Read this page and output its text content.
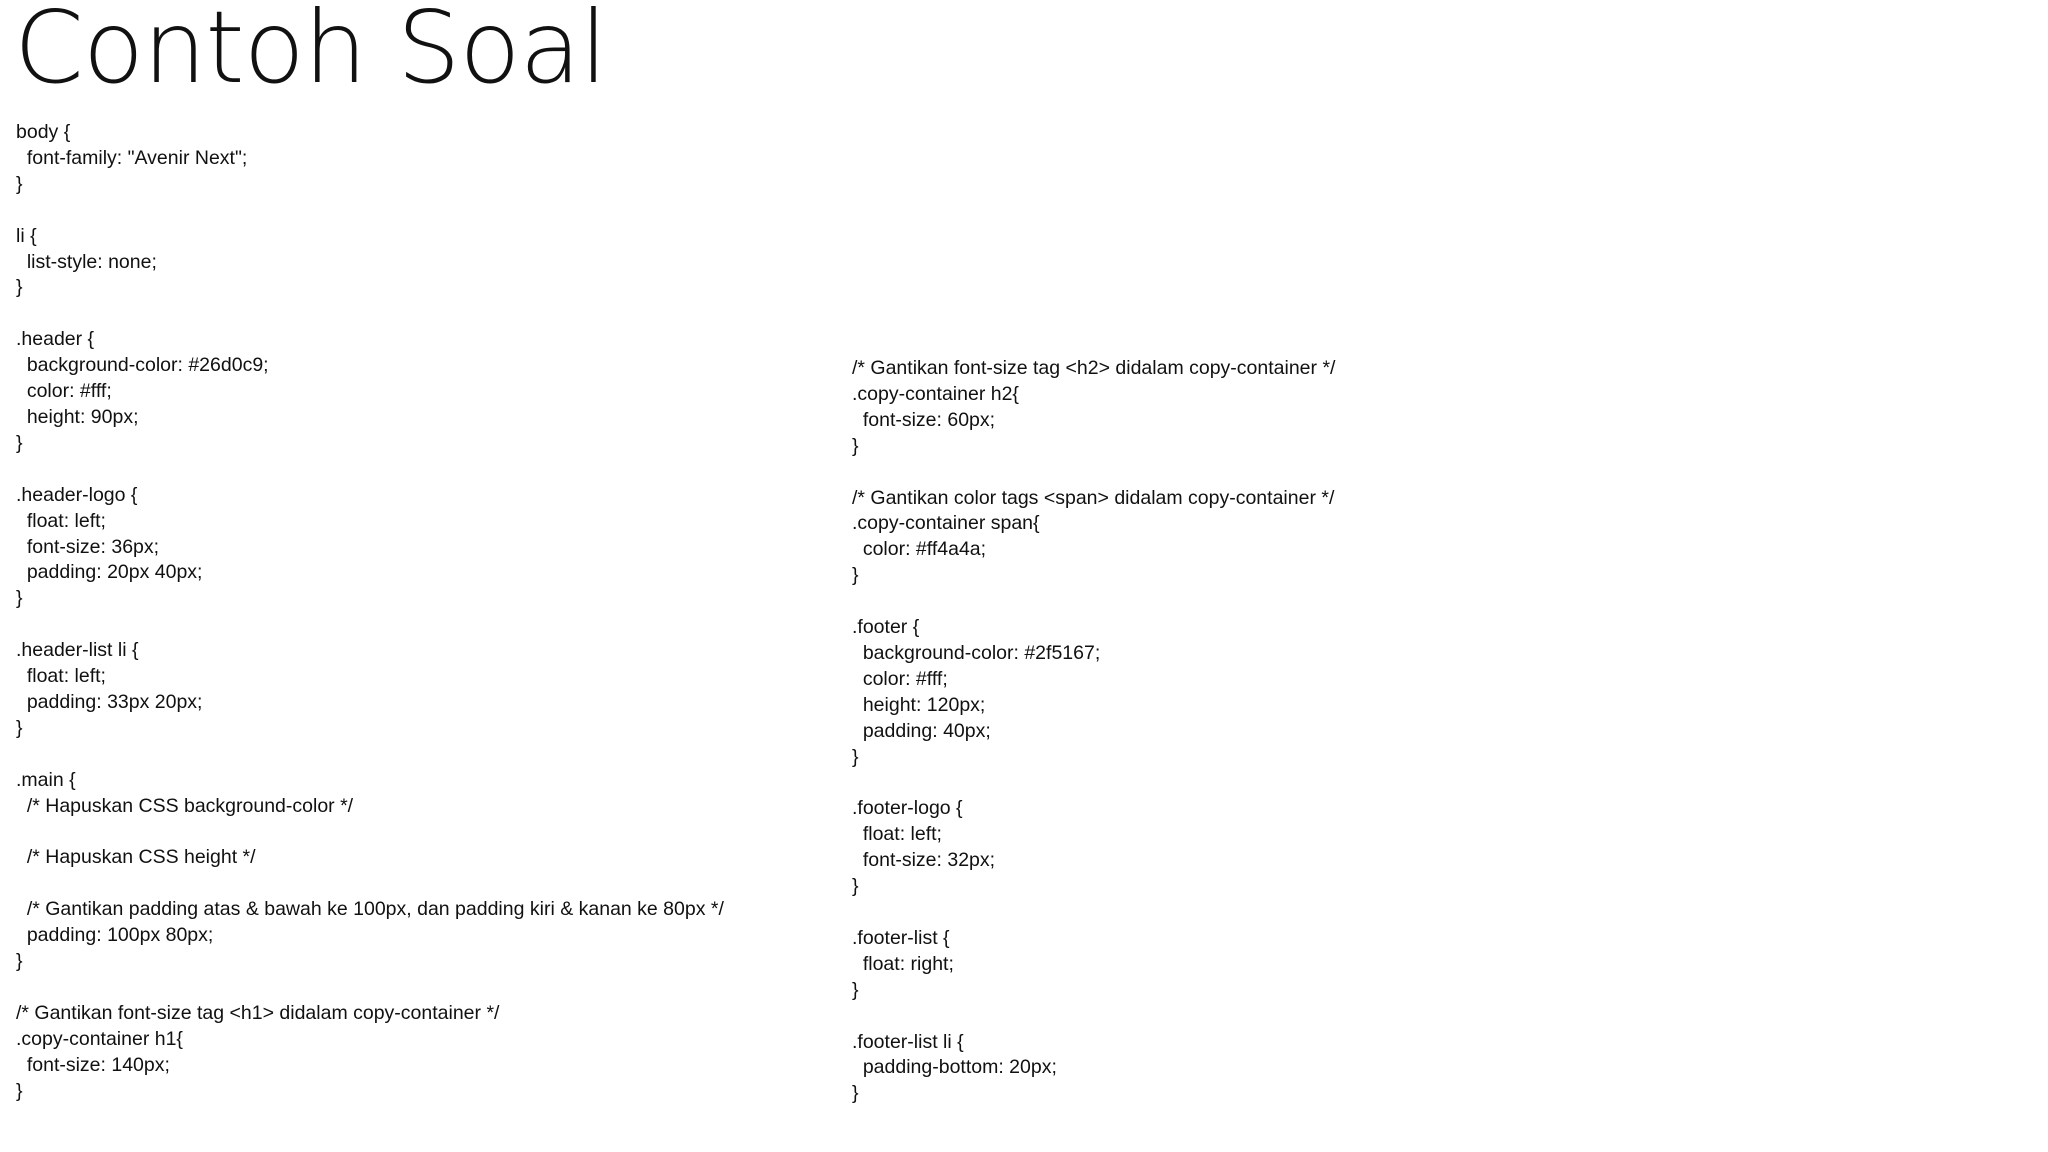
Contoh Soal
body {
font-family: "Avenir Next";
}

li {
list-style: none;
}

.header {
background-color: #26d0c9;
color: #fff;
height: 90px;
}

.header-logo {
float: left;
font-size: 36px;
padding: 20px 40px;
}

.header-list li {
float: left;
padding: 33px 20px;
}

.main {
/* Hapuskan CSS background-color */

/* Hapuskan CSS height */

/* Gantikan padding atas & bawah ke 100px, dan padding kiri & kanan ke 80px */
padding: 100px 80px;
}

/* Gantikan font-size tag <h1> didalam copy-container */
.copy-container h1{
font-size: 140px;
}
/* Gantikan font-size tag <h2> didalam copy-container */
.copy-container h2{
font-size: 60px;
}

/* Gantikan color tags <span> didalam copy-container */
.copy-container span{
color: #ff4a4a;
}

.footer {
background-color: #2f5167;
color: #fff;
height: 120px;
padding: 40px;
}

.footer-logo {
float: left;
font-size: 32px;
}

.footer-list {
float: right;
}

.footer-list li {
padding-bottom: 20px;
}
